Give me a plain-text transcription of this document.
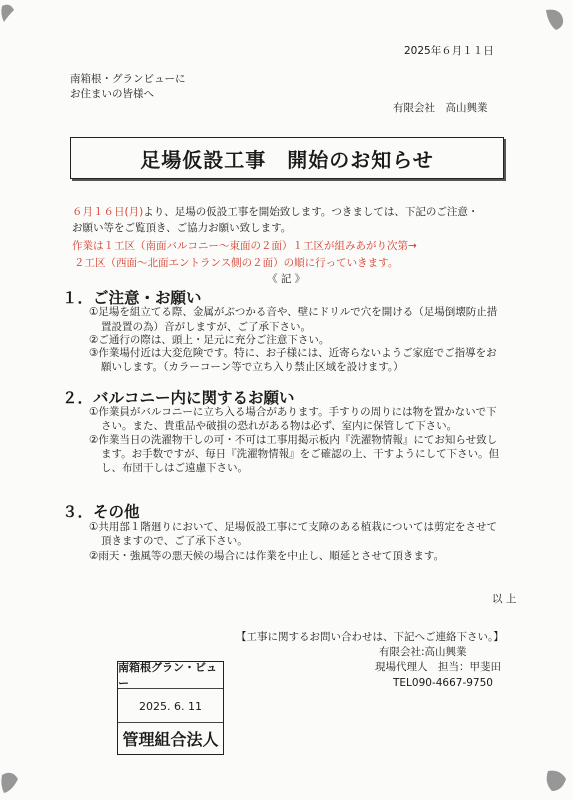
2025年６月１１日
南箱根・グランビューに
お住まいの皆様へ
有限会社　高山興業
足場仮設工事　開始のお知らせ
６月１６日(月)より、足場の仮設工事を開始致します。つきましては、下記のご注意・
お願い等をご覧頂き、ご協力お願い致します。
作業は１工区（南面バルコニー〜東面の２面）１工区が組みあがり次第→
２工区（西面〜北面エントランス側の２面）の順に行っていきます。
《 記 》
１．ご注意・お願い
①足場を組立てる際、金属がぶつかる音や、壁にドリルで穴を開ける（足場倒壊防止措
置設置の為）音がしますが、ご了承下さい。
②ご通行の際は、頭上・足元に充分ご注意下さい。
③作業場付近は大変危険です。特に、お子様には、近寄らないようご家庭でご指導をお
願いします。（カラーコーン等で立ち入り禁止区域を設けます。）
２．バルコニー内に関するお願い
①作業員がバルコニーに立ち入る場合があります。手すりの周りには物を置かないで下
さい。また、貴重品や破損の恐れがある物は必ず、室内に保管して下さい。
②作業当日の洗濯物干しの可・不可は工事用掲示板内『洗濯物情報』にてお知らせ致し
ます。お手数ですが、毎日『洗濯物情報』をご確認の上、干すようにして下さい。但
し、布団干しはご遠慮下さい。
３．その他
①共用部１階廻りにおいて、足場仮設工事にて支障のある植栽については剪定をさせて
頂きますので、ご了承下さい。
②雨天・強風等の悪天候の場合には作業を中止し、順延とさせて頂きます。
以 上
【工事に関するお問い合わせは、下記へご連絡下さい。】
有限会社:高山興業
現場代理人　担当：甲斐田
TEL090-4667-9750
南箱根グラン・ビュー
2025. 6. 11
管理組合法人
